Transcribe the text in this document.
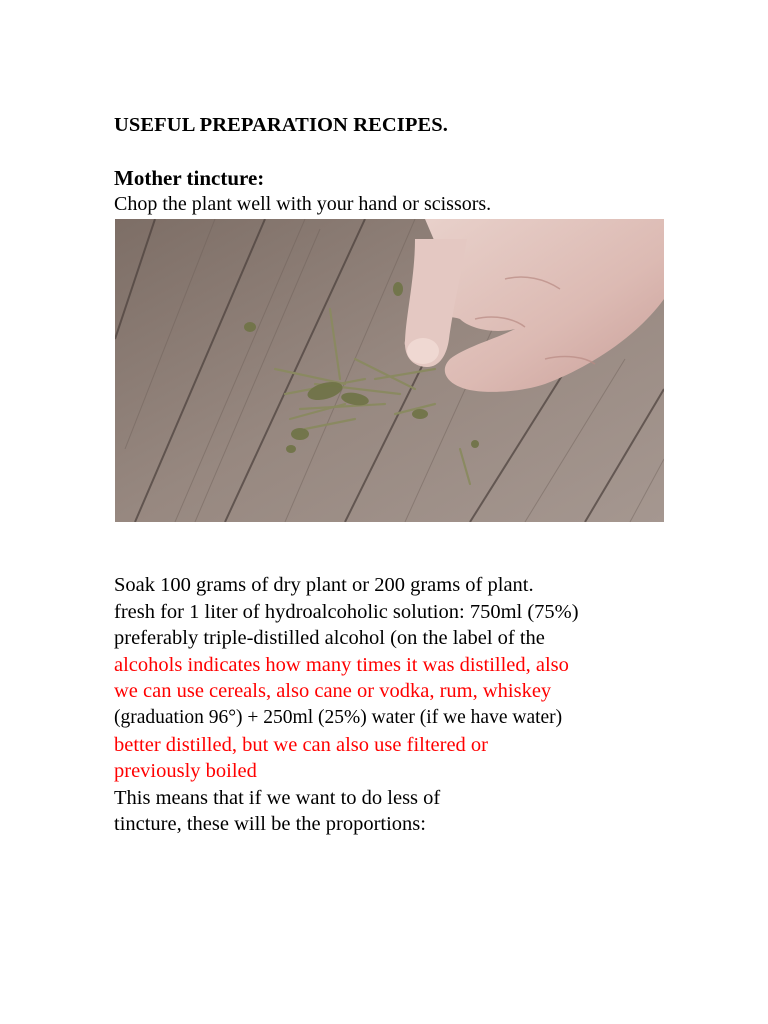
USEFUL PREPARATION RECIPES.
Mother tincture:
Chop the plant well with your hand or scissors.
Soak 100 grams of dry plant or 200 grams of plant.
fresh for 1 liter of hydroalcoholic solution: 750ml (75%)
preferably triple-distilled alcohol (on the label of the
alcohols indicates how many times it was distilled, also
we can use cereals, also cane or vodka, rum, whiskey
(graduation 96°) + 250ml (25%) water (if we have water)
better distilled, but we can also use filtered or
previously boiled
This means that if we want to do less of
tincture, these will be the proportions:
